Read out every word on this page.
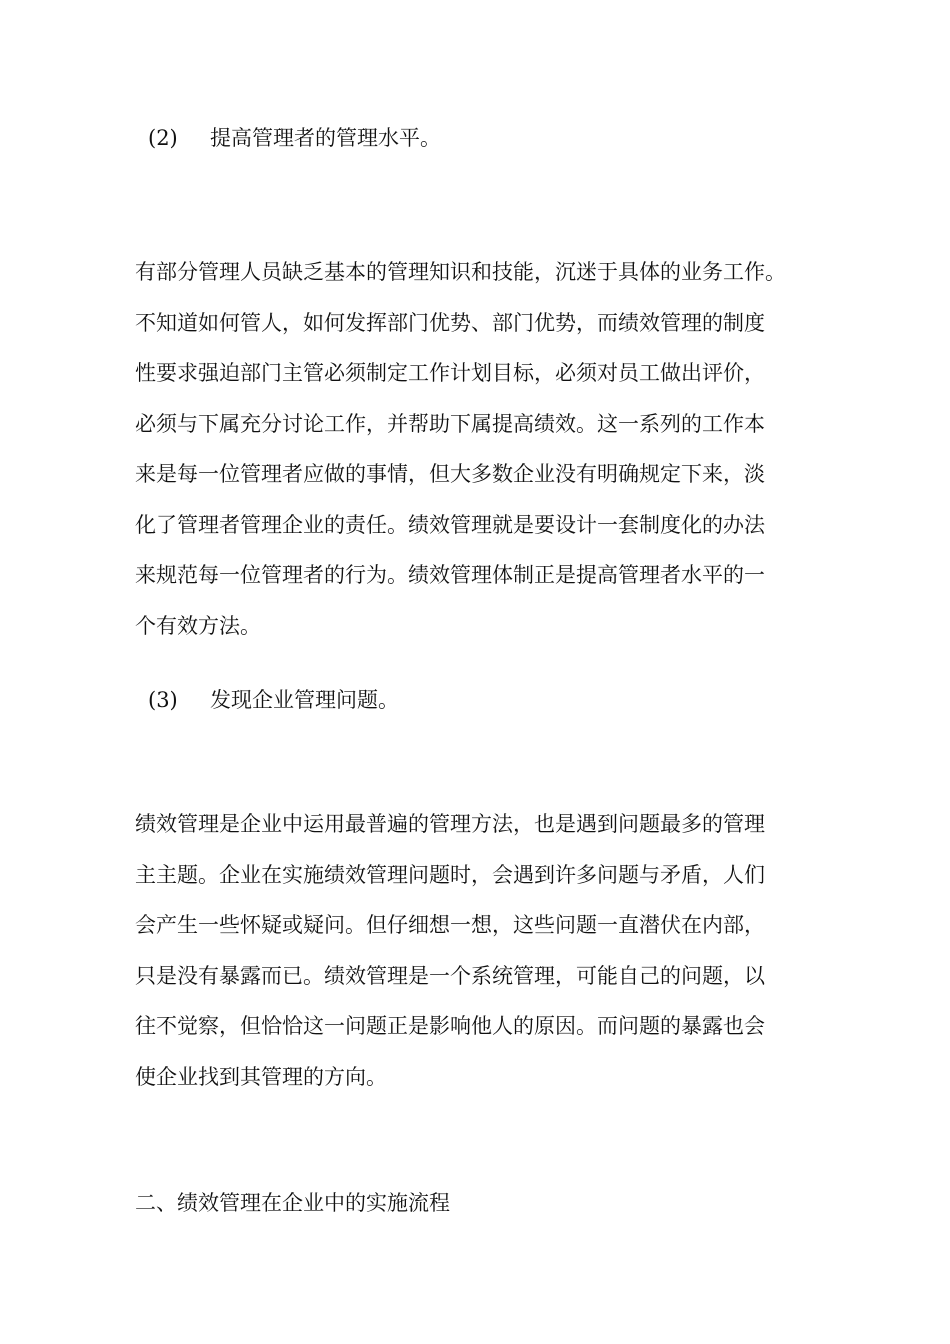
(2) 提高管理者的管理水平。
有部分管理人员缺乏基本的管理知识和技能，沉迷于具体的业务工作。
不知道如何管人，如何发挥部门优势、部门优势，而绩效管理的制度
性要求强迫部门主管必须制定工作计划目标，必须对员工做出评价，
必须与下属充分讨论工作，并帮助下属提高绩效。这一系列的工作本
来是每一位管理者应做的事情，但大多数企业没有明确规定下来，淡
化了管理者管理企业的责任。绩效管理就是要设计一套制度化的办法
来规范每一位管理者的行为。绩效管理体制正是提高管理者水平的一
个有效方法。
(3) 发现企业管理问题。
绩效管理是企业中运用最普遍的管理方法，也是遇到问题最多的管理
主主题。企业在实施绩效管理问题时，会遇到许多问题与矛盾，人们
会产生一些怀疑或疑问。但仔细想一想，这些问题一直潜伏在内部，
只是没有暴露而已。绩效管理是一个系统管理，可能自己的问题，以
往不觉察，但恰恰这一问题正是影响他人的原因。而问题的暴露也会
使企业找到其管理的方向。
二、绩效管理在企业中的实施流程
